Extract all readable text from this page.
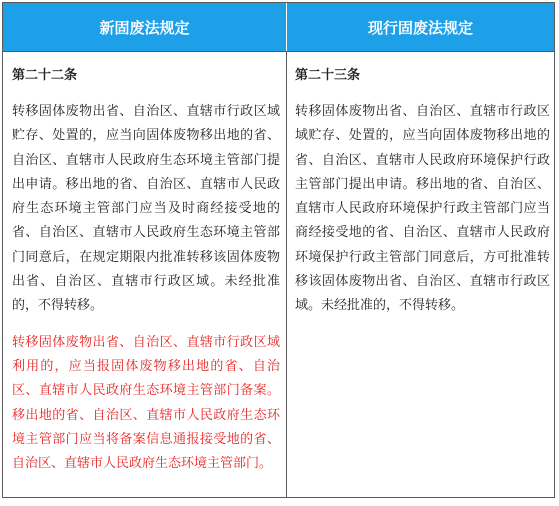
新固废法规定	现行固废法规定

第二十二条

转移固体废物出省、自治区、直辖市行政区域贮存、处置的，应当向固体废物移出地的省、自治区、直辖市人民政府生态环境主管部门提出申请。移出地的省、自治区、直辖市人民政府生态环境主管部门应当及时商经接受地的省、自治区、直辖市人民政府生态环境主管部门同意后，在规定期限内批准转移该固体废物出省、自治区、直辖市行政区域。未经批准的，不得转移。

转移固体废物出省、自治区、直辖市行政区域利用的，应当报固体废物移出地的省、自治区、直辖市人民政府生态环境主管部门备案。移出地的省、自治区、直辖市人民政府生态环境主管部门应当将备案信息通报接受地的省、自治区、直辖市人民政府生态环境主管部门。

第二十三条

转移固体废物出省、自治区、直辖市行政区域贮存、处置的，应当向固体废物移出地的省、自治区、直辖市人民政府环境保护行政主管部门提出申请。移出地的省、自治区、直辖市人民政府环境保护行政主管部门应当商经接受地的省、自治区、直辖市人民政府环境保护行政主管部门同意后，方可批准转移该固体废物出省、自治区、直辖市行政区域。未经批准的，不得转移。
